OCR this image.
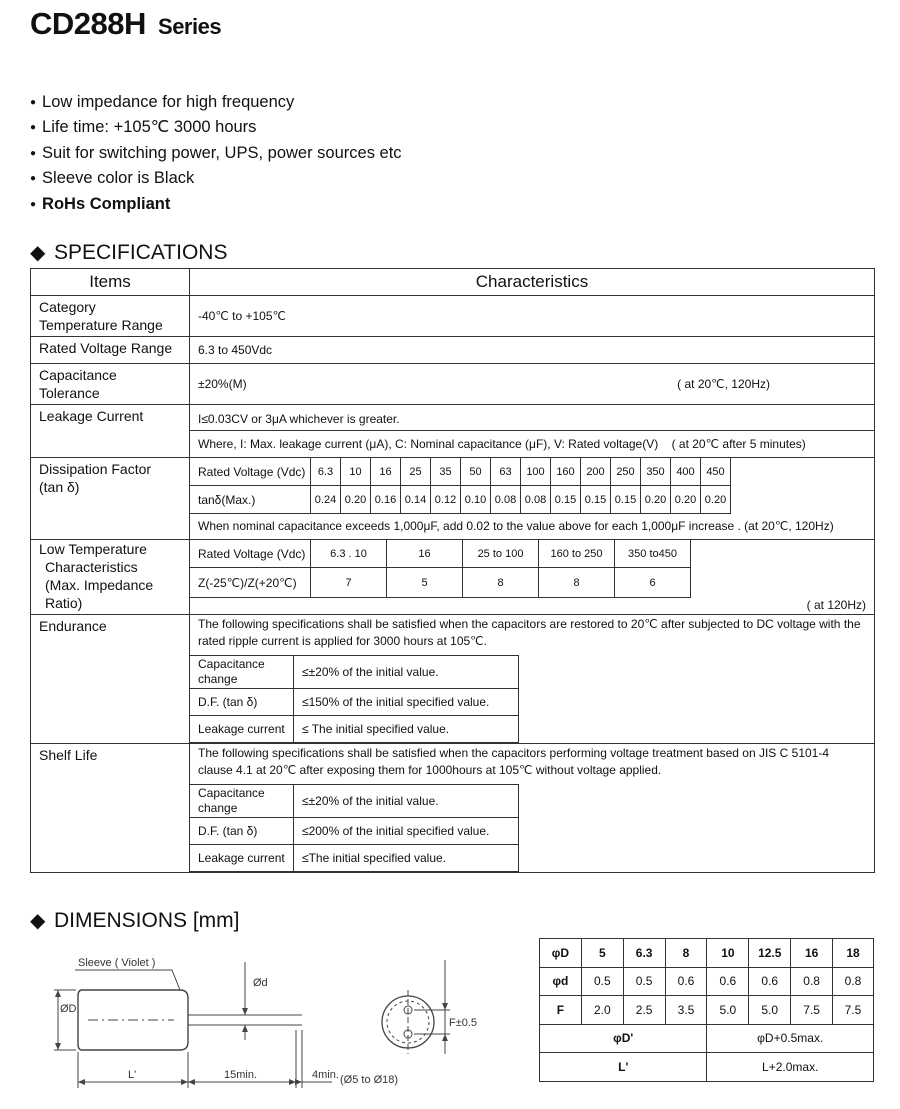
CD288H Series
● Low impedance for high frequency
● Life time: +105℃ 3000 hours
● Suit for switching power, UPS, power sources etc
● Sleeve color is Black
● RoHs Compliant
◆ SPECIFICATIONS
Items	Characteristics

Category
Temperature Range

-40℃ to +105℃

Rated Voltage Range	6.3 to 450Vdc

Capacitance Tolerance	
±20%(M)	( at 20℃, 120Hz)

Leakage Current	I≤0.03CV or 3μA whichever is greater.
Where, I: Max. leakage current (μA), C: Nominal capacitance (μF), V: Rated voltage(V) ( at 20℃ after 5 minutes)

Dissipation Factor
(tan δ)

Rated Voltage (Vdc)	6.3	10	16	25	35	50	63	100	160	200	250	350	400	450
tanδ(Max.)	0.24	0.20	0.16	0.14	0.12	0.10	0.08	0.08	0.15	0.15	0.15	0.20	0.20	0.20
When nominal capacitance exceeds 1,000μF, add 0.02 to the value above for each 1,000μF increase . (at 20℃, 120Hz)

Low Temperature
Characteristics
(Max. Impedance Ratio)

Rated Voltage (Vdc)	6.3 . 10	16	25 to 100	160 to 250	350 to450
Z(-25℃)/Z(+20℃)	7	5	8	8	6
( at 120Hz)

Endurance	The following specifications shall be satisfied when the capacitors are restored to 20℃ after subjected to DC voltage with the rated ripple current is applied for 3000 hours at 105℃.
Capacitance
change	≤±20% of the initial value.
D.F. (tan δ)	≤150% of the initial specified value.
Leakage current	≤ The initial specified value.

Shelf Life	The following specifications shall be satisfied when the capacitors performing voltage treatment based on JIS C 5101-4 clause 4.1 at 20℃ after exposing them for 1000hours at 105℃ without voltage applied.
Capacitance
change	≤±20% of the initial value.
D.F. (tan δ)	≤200% of the initial specified value.
Leakage current	≤The initial specified value.
◆ DIMENSIONS [mm]
Sleeve ( Violet )
Ød
ØD
L'	15min.	4min.
F±0.5
(Ø5 to Ø18)
φD	5	6.3	8	10	12.5	16	18
φd	0.5	0.5	0.6	0.6	0.6	0.8	0.8
F	2.0	2.5	3.5	5.0	5.0	7.5	7.5
φD'				φD+0.5max.			
L'				L+2.0max.			
